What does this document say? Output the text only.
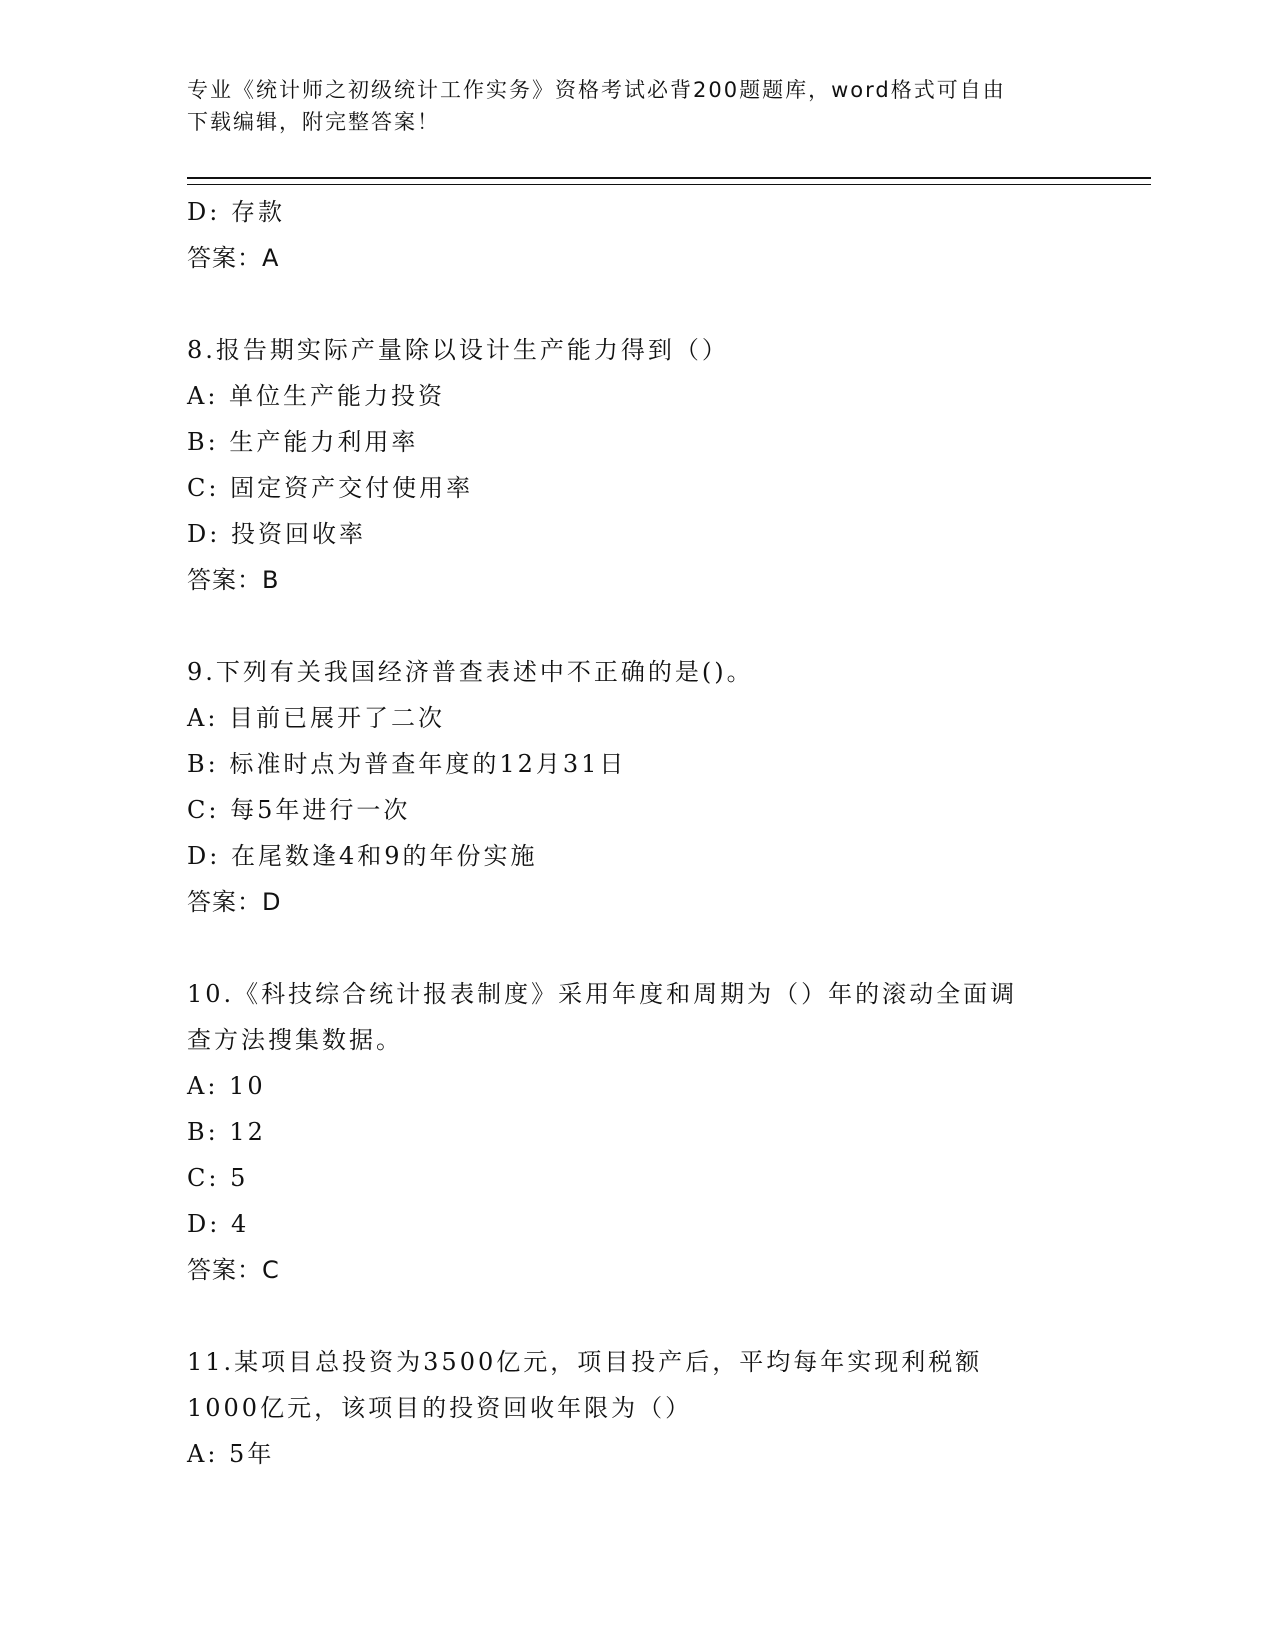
专业《统计师之初级统计工作实务》资格考试必背200题题库，word格式可自由
下载编辑，附完整答案！
D: 存款
答案：A
8.报告期实际产量除以设计生产能力得到（）
A: 单位生产能力投资
B: 生产能力利用率
C: 固定资产交付使用率
D: 投资回收率
答案：B
9.下列有关我国经济普查表述中不正确的是()。
A: 目前已展开了二次
B: 标准时点为普查年度的12月31日
C: 每5年进行一次
D: 在尾数逢4和9的年份实施
答案：D
10.《科技综合统计报表制度》采用年度和周期为（）年的滚动全面调
查方法搜集数据。
A: 10
B: 12
C: 5
D: 4
答案：C
11.某项目总投资为3500亿元，项目投产后，平均每年实现利税额
1000亿元，该项目的投资回收年限为（）
A: 5年
